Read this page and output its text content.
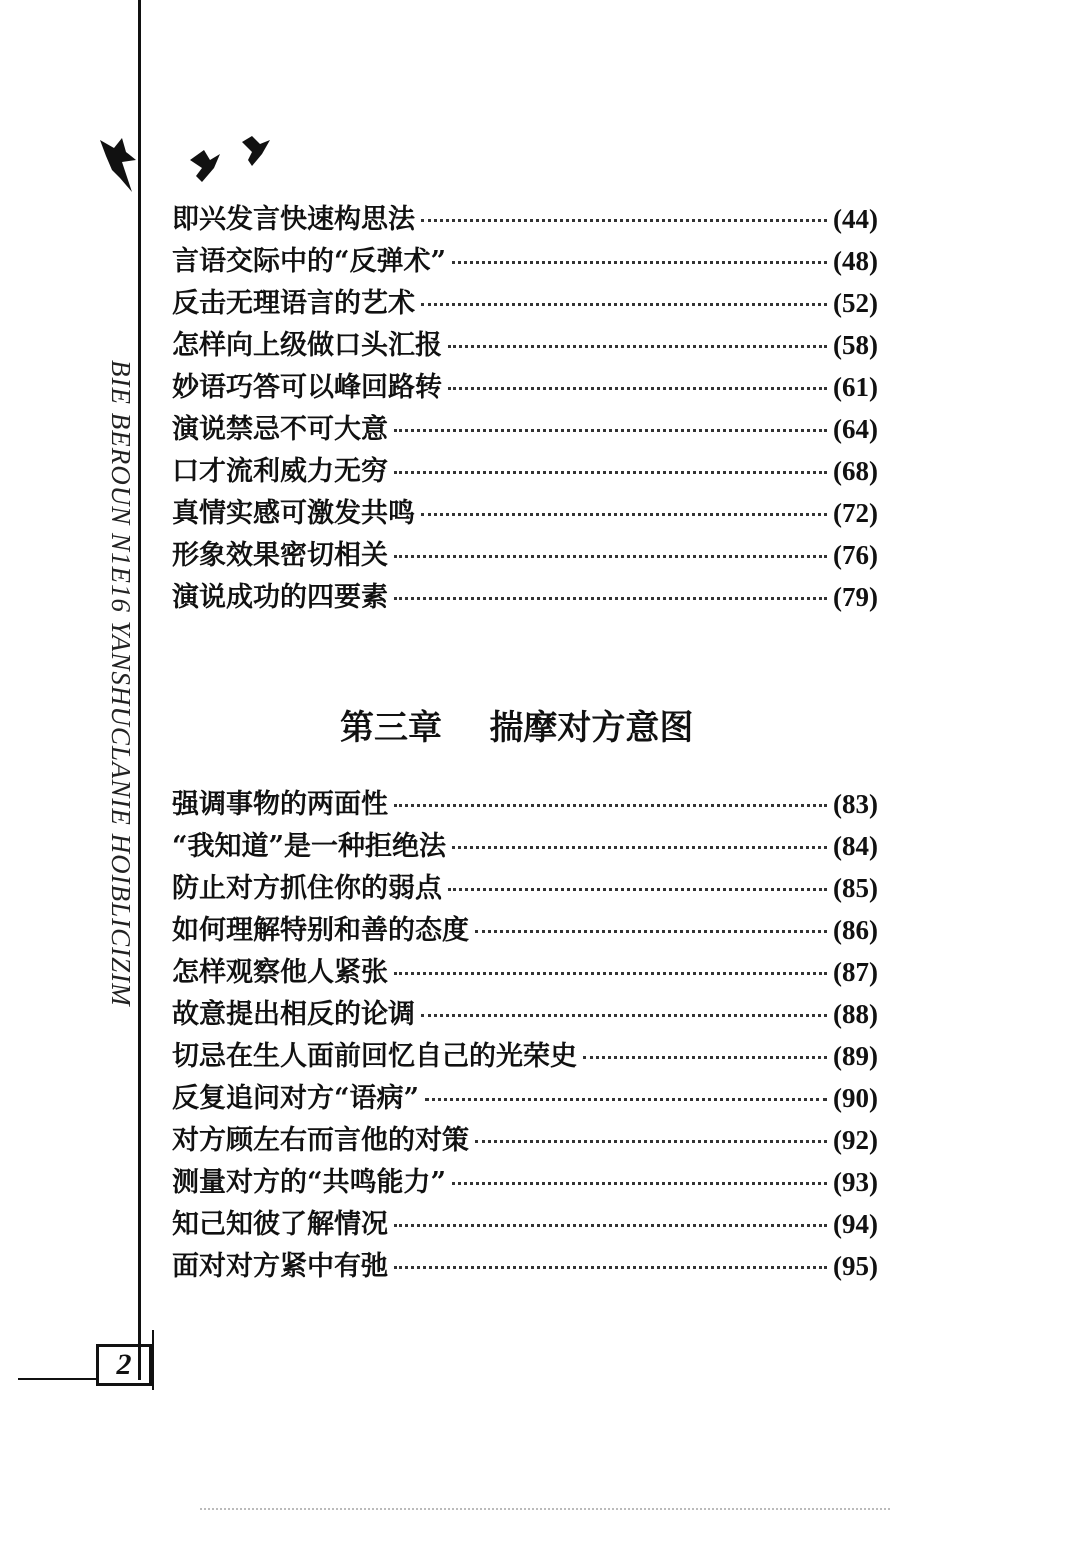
2
BIE BEROUN N1E16 YANSHUCLANIE HOIBLICIZIM
即兴发言快速构思法	(44)
言语交际中的“反弹术”	(48)
反击无理语言的艺术	(52)
怎样向上级做口头汇报	(58)
妙语巧答可以峰回路转	(61)
演说禁忌不可大意	(64)
口才流利威力无穷	(68)
真情实感可激发共鸣	(72)
形象效果密切相关	(76)
演说成功的四要素	(79)
第三章    揣摩对方意图
强调事物的两面性	(83)
“我知道”是一种拒绝法	(84)
防止对方抓住你的弱点	(85)
如何理解特别和善的态度	(86)
怎样观察他人紧张	(87)
故意提出相反的论调	(88)
切忌在生人面前回忆自己的光荣史	(89)
反复追问对方“语病”	(90)
对方顾左右而言他的对策	(92)
测量对方的“共鸣能力”	(93)
知己知彼了解情况	(94)
面对对方紧中有弛	(95)
